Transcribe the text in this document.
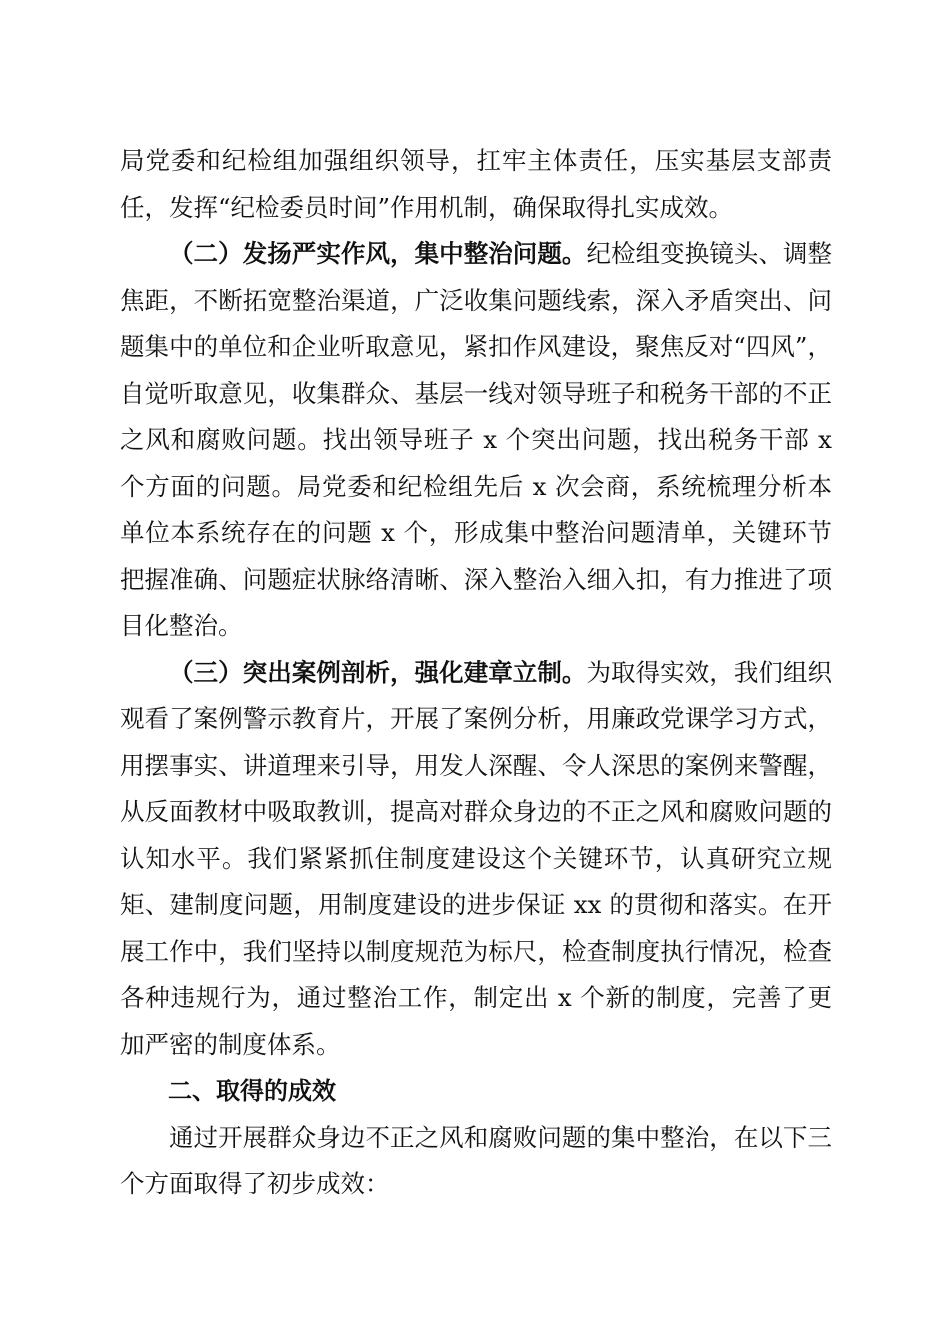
局党委和纪检组加强组织领导，扛牢主体责任，压实基层支部责任，发挥“纪检委员时间”作用机制，确保取得扎实成效。

（二）发扬严实作风，集中整治问题。纪检组变换镜头、调整焦距，不断拓宽整治渠道，广泛收集问题线索，深入矛盾突出、问题集中的单位和企业听取意见，紧扣作风建设，聚焦反对“四风”，自觉听取意见，收集群众、基层一线对领导班子和税务干部的不正之风和腐败问题。找出领导班子 x 个突出问题，找出税务干部 x 个方面的问题。局党委和纪检组先后 x 次会商，系统梳理分析本单位本系统存在的问题 x 个，形成集中整治问题清单，关键环节把握准确、问题症状脉络清晰、深入整治入细入扣，有力推进了项目化整治。

（三）突出案例剖析，强化建章立制。为取得实效，我们组织观看了案例警示教育片，开展了案例分析，用廉政党课学习方式，用摆事实、讲道理来引导，用发人深醒、令人深思的案例来警醒，从反面教材中吸取教训，提高对群众身边的不正之风和腐败问题的认知水平。我们紧紧抓住制度建设这个关键环节，认真研究立规矩、建制度问题，用制度建设的进步保证 xx 的贯彻和落实。在开展工作中，我们坚持以制度规范为标尺，检查制度执行情况，检查各种违规行为，通过整治工作，制定出 x 个新的制度，完善了更加严密的制度体系。

二、取得的成效

通过开展群众身边不正之风和腐败问题的集中整治，在以下三个方面取得了初步成效：
